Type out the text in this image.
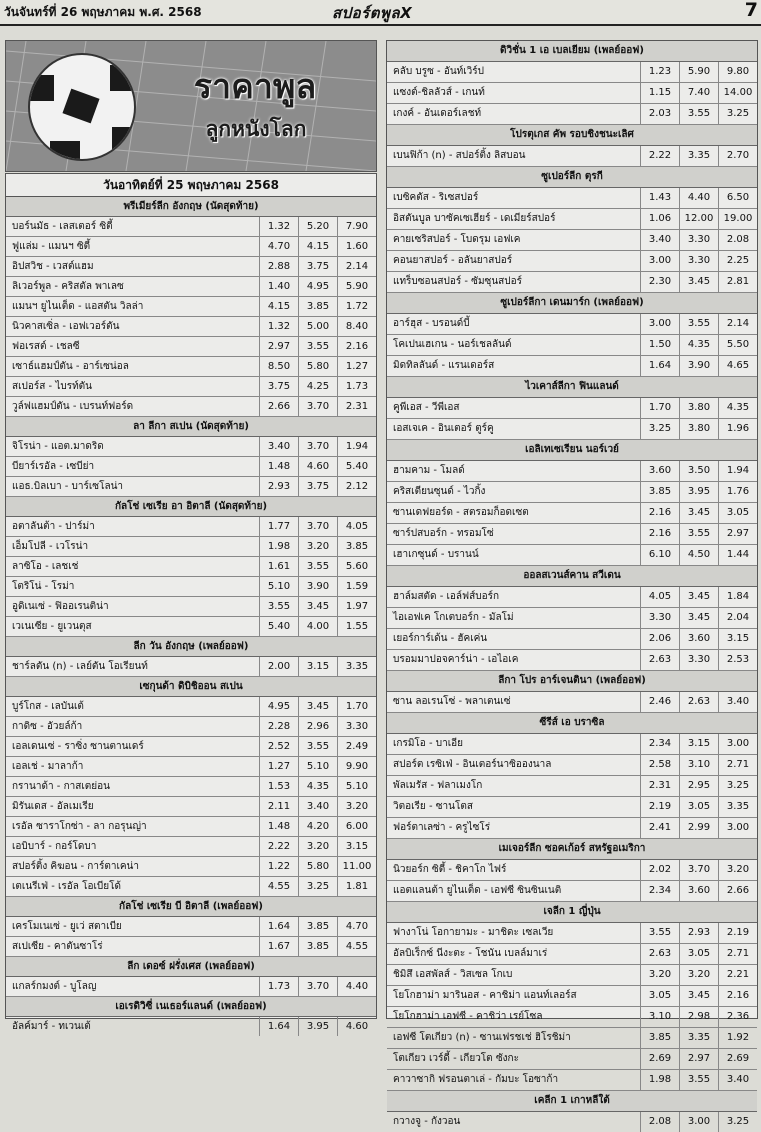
วันจันทร์ที่ 26 พฤษภาคม พ.ศ. 2568	สปอร์ตพูลX	7
ราคาพูล
ลูกหนังโลก
วันอาทิตย์ที่ 25 พฤษภาคม 2568
พรีเมียร์ลีก อังกฤษ (นัดสุดท้าย)
บอร์นมัธ - เลสเตอร์ ซิตี้	1.32	5.20	7.90
ฟูแล่ม - แมนฯ ซิตี้	4.70	4.15	1.60
อิปสวิช - เวสต์แฮม	2.88	3.75	2.14
ลิเวอร์พูล - คริสตัล พาเลซ	1.40	4.95	5.90
แมนฯ ยูไนเต็ด - แอสตัน วิลล่า	4.15	3.85	1.72
นิวคาสเซิ่ล - เอฟเวอร์ตัน	1.32	5.00	8.40
ฟอเรสต์ - เชลซี	2.97	3.55	2.16
เซาธ์แฮมป์ตัน - อาร์เซน่อล	8.50	5.80	1.27
สเปอร์ส - ไบรท์ตัน	3.75	4.25	1.73
วูล์ฟแฮมป์ตัน - เบรนท์ฟอร์ด	2.66	3.70	2.31
ลา ลีกา สเปน (นัดสุดท้าย)
จิโรน่า - แอต.มาดริด	3.40	3.70	1.94
บียาร์เรอัล - เซบีย่า	1.48	4.60	5.40
แอธ.บิลเบา - บาร์เซโลน่า	2.93	3.75	2.12
กัลโช่ เซเรีย อา อิตาลี (นัดสุดท้าย)
อตาลันต้า - ปาร์ม่า	1.77	3.70	4.05
เอ็มโปลี - เวโรน่า	1.98	3.20	3.85
ลาซิโอ - เลชเช่	1.61	3.55	5.60
โตริโน่ - โรม่า	5.10	3.90	1.59
อูดิเนเซ่ - ฟิออเรนติน่า	3.55	3.45	1.97
เวเนเซีย - ยูเวนตุส	5.40	4.00	1.55
ลีก วัน อังกฤษ (เพลย์ออฟ)
ชาร์ลตัน (n) - เลย์ตัน โอเรียนท์	2.00	3.15	3.35
เซกุนด้า ดิบิชิออน สเปน
บูร์โกส - เลบันเต้	4.95	3.45	1.70
กาดิซ - อัวยล์ก้า	2.28	2.96	3.30
เอลเดนเซ่ - ราซิ่ง ซานตานเดร์	2.52	3.55	2.49
เอลเช่ - มาลาก้า	1.27	5.10	9.90
กรานาด้า - กาสเตย่อน	1.53	4.35	5.10
มิรันเดส - อัลเมเรีย	2.11	3.40	3.20
เรอัล ซาราโกซ่า - ลา กอรุนญ่า	1.48	4.20	6.00
เอบิบาร์ - กอร์โดบา	2.22	3.20	3.15
สปอร์ติ้ง คิฆอน - การ์ตาเคน่า	1.22	5.80	11.00
เตเนรีเฟ่ - เรอัล โอเบียโด้	4.55	3.25	1.81
กัลโช่ เซเรีย บี อิตาลี (เพลย์ออฟ)
เครโมเนเซ่ - ยูเว่ สตาเบีย	1.64	3.85	4.70
สเปเซีย - คาตันซาโร่	1.67	3.85	4.55
ลีก เดอซ์ ฝรั่งเศส (เพลย์ออฟ)
แกลร์กมงต์ - บูโลญ	1.73	3.70	4.40
เอเรดิวิซี่ เนเธอร์แลนด์ (เพลย์ออฟ)
อัลค์มาร์ - ทเวนเต้	1.64	3.95	4.60
ดิวิชั่น 1 เอ เบลเยียม (เพลย์ออฟ)
คลับ บรูซ - อันท์เวิร์ป	1.23	5.90	9.80
แซงต์-ชิลลัวส์ - เกนท์	1.15	7.40	14.00
เกงค์ - อันเดอร์เลชท์	2.03	3.55	3.25
โปรตุเกส คัพ รอบชิงชนะเลิศ
เบนฟิก้า (n) - สปอร์ติ้ง ลิสบอน	2.22	3.35	2.70
ซูเปอร์ลีก ตุรกี
เบซิคตัส - ริเซสปอร์	1.43	4.40	6.50
อิสตันบูล บาซัคเซเฮียร์ - เดเมียร์สปอร์	1.06	12.00	19.00
คายเซริสปอร์ - โบดรุม เอฟเค	3.40	3.30	2.08
คอนยาสปอร์ - อลันยาสปอร์	3.00	3.30	2.25
แทร็บซอนสปอร์ - ซัมซุนสปอร์	2.30	3.45	2.81
ซูเปอร์ลีกา เดนมาร์ก (เพลย์ออฟ)
อาร์ฮุส - บรอนด์บี้	3.00	3.55	2.14
โคเปนเฮเกน - นอร์เชลลันด์	1.50	4.35	5.50
มิดทิลลันด์ - แรนเดอร์ส	1.64	3.90	4.65
ไวเคาส์ลีกา ฟินแลนด์
คูพีเอส - วีพีเอส	1.70	3.80	4.35
เอสเจเค - อินเตอร์ ตูร์คู	3.25	3.80	1.96
เอลิเทเซเรียน นอร์เวย์
ฮามคาม - โมลด์	3.60	3.50	1.94
คริสเตียนซุนด์ - ไวกิ้ง	3.85	3.95	1.76
ซานเดฟยอร์ด - สตรอมก็อดเซต	2.16	3.45	3.05
ซาร์ปสบอร์ก - ทรอมโซ่	2.16	3.55	2.97
เฮาเกซุนด์ - บรานน์	6.10	4.50	1.44
ออลสเวนส์คาน สวีเดน
ฮาล์มสตัด - เอล์ฟส์บอร์ก	4.05	3.45	1.84
ไอเอฟเค โกเตบอร์ก - มัลโม่	3.30	3.45	2.04
เยอร์การ์เด้น - ฮัคเค่น	2.06	3.60	3.15
บรอมมาปอจคาร์น่า - เอไอเค	2.63	3.30	2.53
ลีกา โปร อาร์เจนตินา (เพลย์ออฟ)
ซาน ลอเรนโซ่ - พลาเตนเซ่	2.46	2.63	3.40
ซีรีส์ เอ บราซิล
เกรมิโอ - บาเอีย	2.34	3.15	3.00
สปอร์ต เรซิเฟ่ - อินเตอร์นาซิอองนาล	2.58	3.10	2.71
พัลเมรัส - ฟลาเมงโก	2.31	2.95	3.25
วิตอเรีย - ซานโตส	2.19	3.05	3.35
ฟอร์ตาเลซ่า - ครูไซโร่	2.41	2.99	3.00
เมเจอร์ลีก ซอคเก้อร์ สหรัฐอเมริกา
นิวยอร์ก ซิตี้ - ชิคาโก ไฟร์	2.02	3.70	3.20
แอตแลนต้า ยูไนเต็ด - เอฟซี ซินซินเนติ	2.34	3.60	2.66
เจลีก 1 ญี่ปุ่น
ฟางาโน่ โอกายามะ - มาชิดะ เซลเวีย	3.55	2.93	2.19
อัลบิเร็กซ์ นีงะตะ - โชนัน เบลล์มาเร่	2.63	3.05	2.71
ชิมิสึ เอสพัลส์ - วิสเซล โกเบ	3.20	3.20	2.21
โยโกฮาม่า มารินอส - คาชิม่า แอนท์เลอร์ส	3.05	3.45	2.16
โยโกฮาม่า เอฟซี - คาชิว่า เรย์โซล	3.10	2.98	2.36
เอฟซี โตเกียว (n) - ซานเฟรชเช่ ฮิโรชิม่า	3.85	3.35	1.92
โตเกียว เวร์ดี้ - เกียวโต ซังกะ	2.69	2.97	2.69
คาวาซากิ ฟรอนตาเล่ - กัมบะ โอซาก้า	1.98	3.55	3.40
เคลีก 1 เกาหลีใต้
กวางจู - กังวอน	2.08	3.00	3.25
